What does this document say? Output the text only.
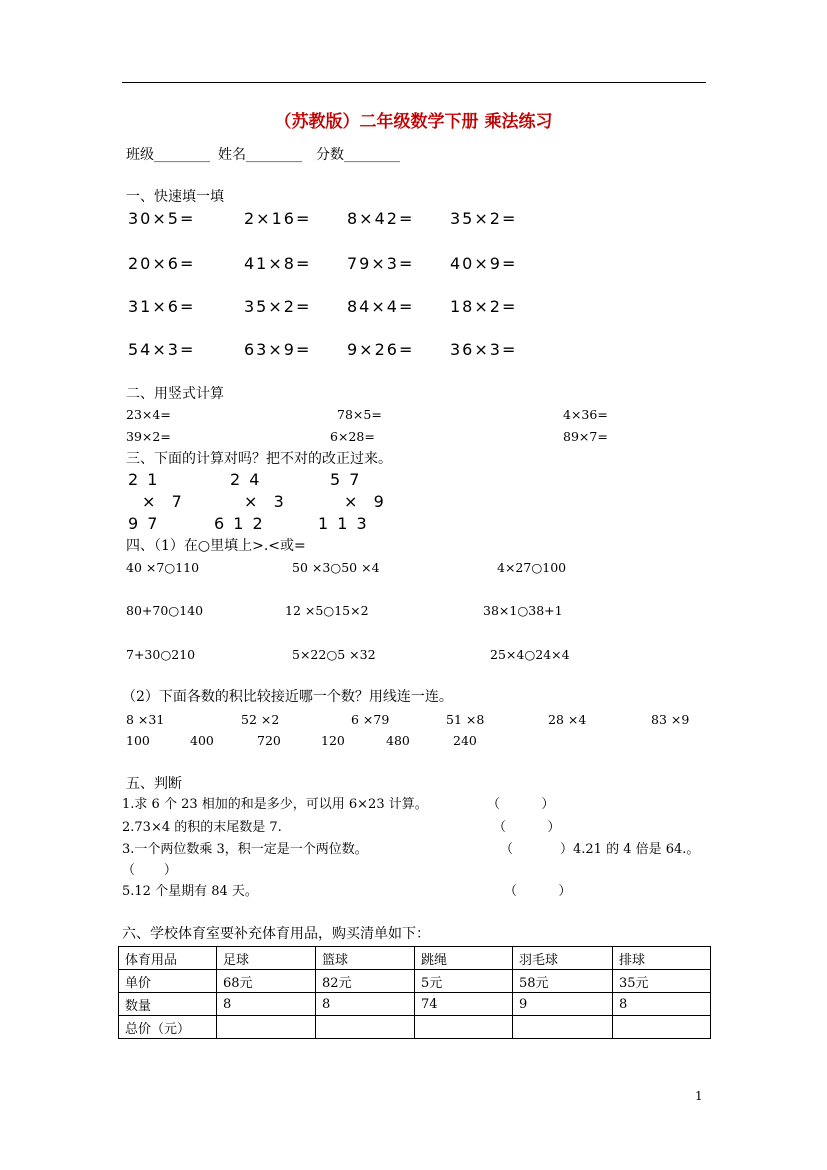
（苏教版）二年级数学下册 乘法练习
班级________ 姓名________ 分数________
一、快速填一填
30×5=	2×16= 8×42= 35×2=
20×6=	41×8= 79×3= 40×9=
31×6=	35×2= 84×4= 18×2=
54×3=	63×9= 9×26= 36×3=
二、用竖式计算
23×4=	78×5=	4×36=
39×2=	6×28=	89×7=
三、下面的计算对吗？把不对的改正过来。
2 1	2 4	5 7
×  7	×  3	×  9
9 7	6 1 2	1 1 3
四、（1）在○里填上>.<或=
40 ×7○110	50 ×3○50 ×4	4×27○100
80+70○140	12 ×5○15×2	38×1○38+1
7+30○210	5×22○5 ×32	25×4○24×4
（2）下面各数的积比较接近哪一个数？用线连一连。
8 ×31	52 ×2	6 ×79	51 ×8	28 ×4	83 ×9
100	400	720	120	480	240
五、判断
1.求 6 个 23 相加的和是多少，可以用 6×23 计算。	（          ）
2.73×4 的积的末尾数是 7.	（          ）
3.一个两位数乘 3，积一定是一个两位数。	（	）4.21 的 4 倍是 64.。
（       ）
5.12 个星期有 84 天。	（          ）
六、学校体育室要补充体育用品，购买清单如下：
体育用品	足球	篮球	跳绳	羽毛球	排球
单价	68元	82元	5元	58元	35元
数量	8	8	74	9	8
总价（元）					
1
